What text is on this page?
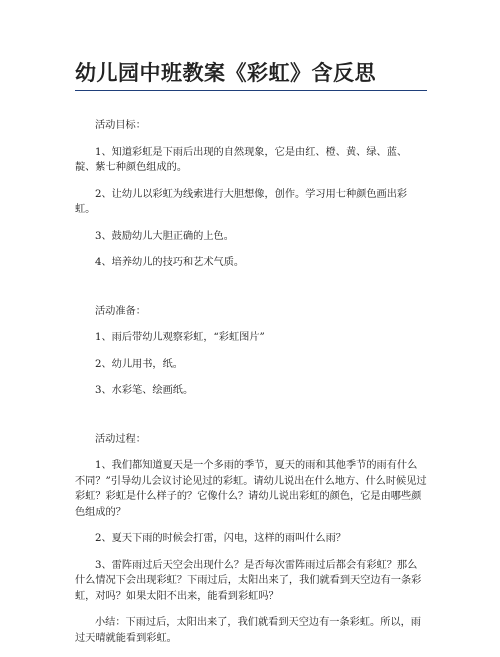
幼儿园中班教案《彩虹》含反思

活动目标：

1、知道彩虹是下雨后出现的自然现象，它是由红、橙、黄、绿、蓝、靛、紫七种颜色组成的。

2、让幼儿以彩虹为线索进行大胆想像，创作。学习用七种颜色画出彩虹。

3、鼓励幼儿大胆正确的上色。

4、培养幼儿的技巧和艺术气质。

活动准备：

1、雨后带幼儿观察彩虹，“彩虹图片”

2、幼儿用书，纸。

3、水彩笔、绘画纸。

活动过程：

1、我们都知道夏天是一个多雨的季节，夏天的雨和其他季节的雨有什么不同？”引导幼儿会议讨论见过的彩虹。请幼儿说出在什么地方、什么时候见过彩虹？彩虹是什么样子的？它像什么？请幼儿说出彩虹的颜色，它是由哪些颜色组成的？

2、夏天下雨的时候会打雷，闪电，这样的雨叫什么雨？

3、雷阵雨过后天空会出现什么？是否每次雷阵雨过后都会有彩虹？那么什么情况下会出现彩虹？下雨过后，太阳出来了，我们就看到天空边有一条彩虹，对吗？如果太阳不出来，能看到彩虹吗？

小结：下雨过后，太阳出来了，我们就看到天空边有一条彩虹。所以，雨过天晴就能看到彩虹。
